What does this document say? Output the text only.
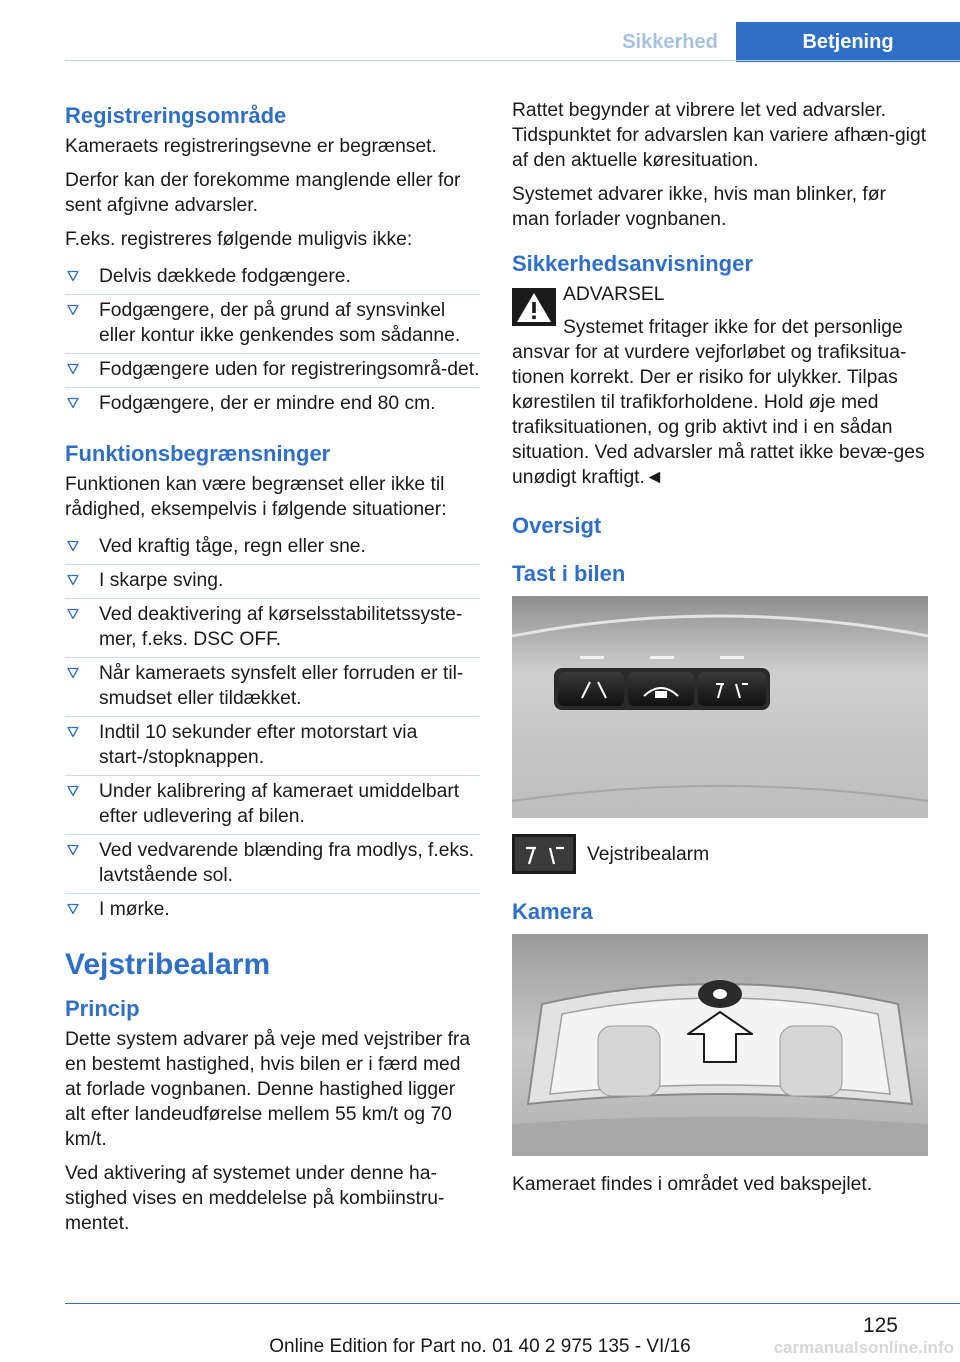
Sikkerhed	Betjening
Registreringsområde

Kameraets registreringsevne er begrænset.

Derfor kan der forekomme manglende eller for sent afgivne advarsler.

F.eks. registreres følgende muligvis ikke:

Delvis dækkede fodgængere.
Fodgængere, der på grund af synsvinkel eller kontur ikke genkendes som sådanne.
Fodgængere uden for registreringsområ‐det.
Fodgængere, der er mindre end 80 cm.
Funktionsbegrænsninger

Funktionen kan være begrænset eller ikke til rådighed, eksempelvis i følgende situationer:

Ved kraftig tåge, regn eller sne.
I skarpe sving.
Ved deaktivering af kørselsstabilitetssyste‐mer, f.eks. DSC OFF.
Når kameraets synsfelt eller forruden er til‐smudset eller tildækket.
Indtil 10 sekunder efter motorstart via start-/stopknappen.
Under kalibrering af kameraet umiddelbart efter udlevering af bilen.
Ved vedvarende blænding fra modlys, f.eks. lavtstående sol.
I mørke.
Vejstribealarm
Princip

Dette system advarer på veje med vejstriber fra en bestemt hastighed, hvis bilen er i færd med at forlade vognbanen. Denne hastighed ligger alt efter landeudførelse mellem 55 km/t og 70 km/t.

Ved aktivering af systemet under denne ha‐stighed vises en meddelelse på kombiinstru‐mentet.

Rattet begynder at vibrere let ved advarsler. Tidspunktet for advarslen kan variere afhæn‐gigt af den aktuelle køresituation.

Systemet advarer ikke, hvis man blinker, før man forlader vognbanen.

Sikkerhedsanvisninger

ADVARSEL

Systemet fritager ikke for det personlige

ansvar for at vurdere vejforløbet og trafiksitua‐tionen korrekt. Der er risiko for ulykker. Tilpas kørestilen til trafikforholdene. Hold øje med trafiksituationen, og grib aktivt ind i en sådan situation. Ved advarsler må rattet ikke bevæ‐ges unødigt kraftigt.◄

Oversigt
Tast i bilen

Vejstribealarm

Kamera

Kameraet findes i området ved bakspejlet.

125
Online Edition for Part no. 01 40 2 975 135 - VI/16	carmanualsonline.info
